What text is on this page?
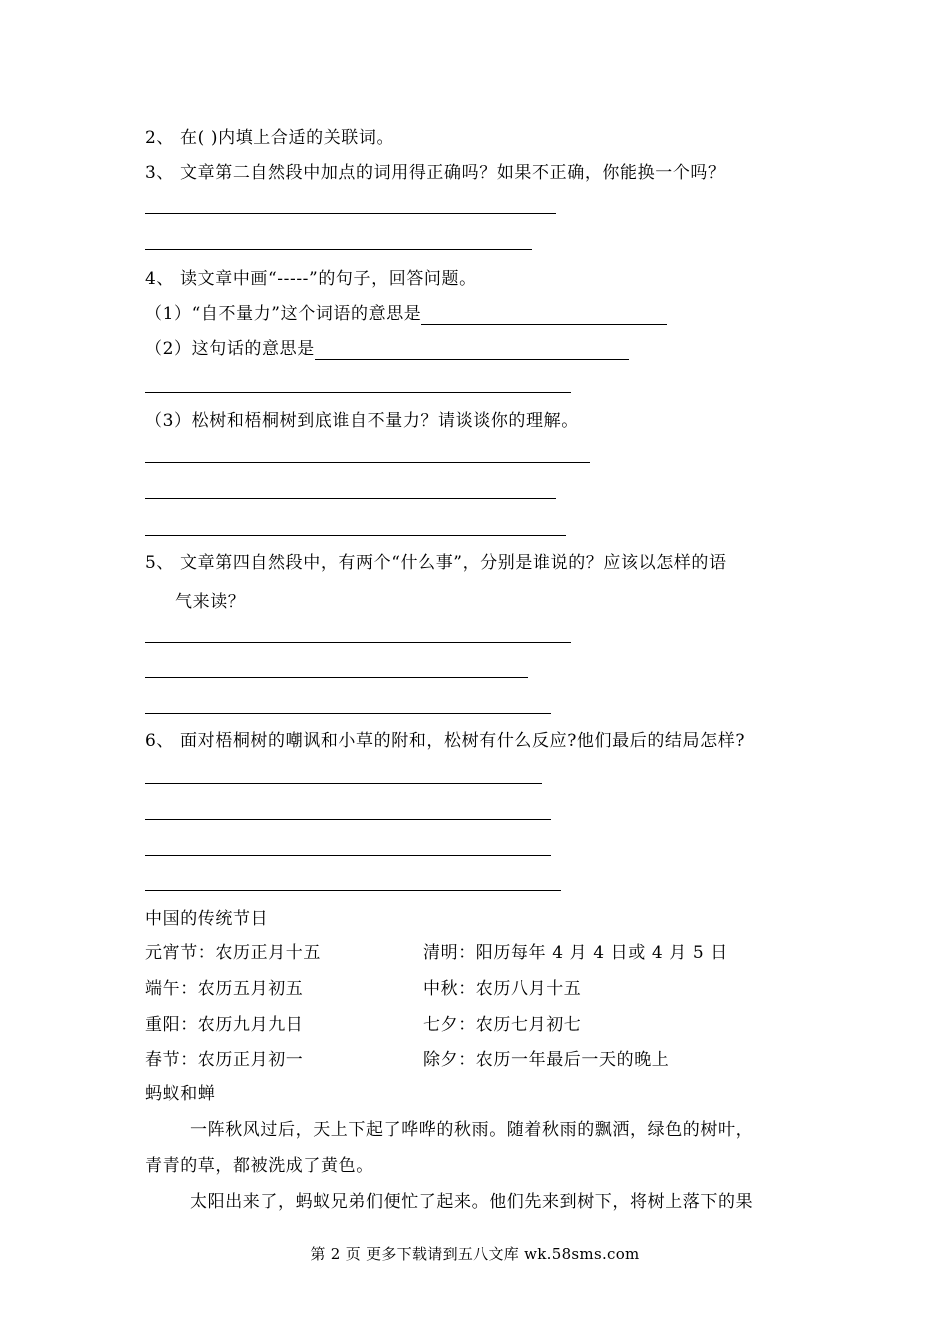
2、 在( )内填上合适的关联词。
3、 文章第二自然段中加点的词用得正确吗？如果不正确，你能换一个吗？
4、 读文章中画“-----”的句子，回答问题。
（1）“自不量力”这个词语的意思是
（2）这句话的意思是
（3）松树和梧桐树到底谁自不量力？请谈谈你的理解。
5、 文章第四自然段中，有两个“什么事”，分别是谁说的？应该以怎样的语
气来读？
6、 面对梧桐树的嘲讽和小草的附和，松树有什么反应?他们最后的结局怎样?
中国的传统节日
元宵节：农历正月十五	清明：阳历每年 4 月 4 日或 4 月 5 日
端午：农历五月初五	中秋：农历八月十五
重阳：农历九月九日	七夕：农历七月初七
春节：农历正月初一	除夕：农历一年最后一天的晚上
蚂蚁和蝉
一阵秋风过后，天上下起了哗哗的秋雨。随着秋雨的飘洒，绿色的树叶，
青青的草，都被洗成了黄色。
太阳出来了，蚂蚁兄弟们便忙了起来。他们先来到树下，将树上落下的果
第 2 页 更多下载请到五八文库 wk.58sms.com
